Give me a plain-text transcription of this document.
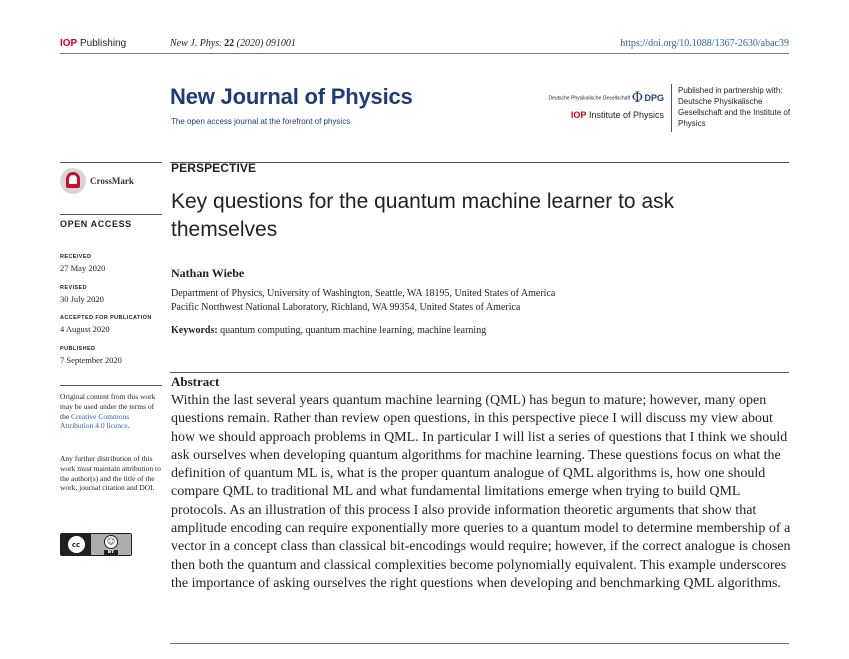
IOP Publishing	New J. Phys. 22 (2020) 091001	https://doi.org/10.1088/1367-2630/abac39
New Journal of Physics
The open access journal at the forefront of physics
Deutsche Physikalische Gesellschaft Φ DPG
IOP Institute of Physics
Published in partnership with: Deutsche Physikalische Gesellschaft and the Institute of Physics
CrossMark
OPEN ACCESS
RECEIVED
27 May 2020
REVISED
30 July 2020
ACCEPTED FOR PUBLICATION
4 August 2020
PUBLISHED
7 September 2020
Original content from this work may be used under the terms of the Creative Commons Attribution 4.0 licence.
Any further distribution of this work must maintain attribution to the author(s) and the title of the work, journal citation and DOI.
cc	☺
BY
PERSPECTIVE
Key questions for the quantum machine learner to ask themselves
Nathan Wiebe
Department of Physics, University of Washington, Seattle, WA 18195, United States of America
Pacific Northwest National Laboratory, Richland, WA 99354, United States of America
Keywords: quantum computing, quantum machine learning, machine learning
Abstract
Within the last several years quantum machine learning (QML) has begun to mature; however, many open questions remain. Rather than review open questions, in this perspective piece I will discuss my view about how we should approach problems in QML. In particular I will list a series of questions that I think we should ask ourselves when developing quantum algorithms for machine learning. These questions focus on what the definition of quantum ML is, what is the proper quantum analogue of QML algorithms is, how one should compare QML to traditional ML and what fundamental limitations emerge when trying to build QML protocols. As an illustration of this process I also provide information theoretic arguments that show that amplitude encoding can require exponentially more queries to a quantum model to determine membership of a vector in a concept class than classical bit-encodings would require; however, if the correct analogue is chosen then both the quantum and classical complexities become polynomially equivalent. This example underscores the importance of asking ourselves the right questions when developing and benchmarking QML algorithms.
